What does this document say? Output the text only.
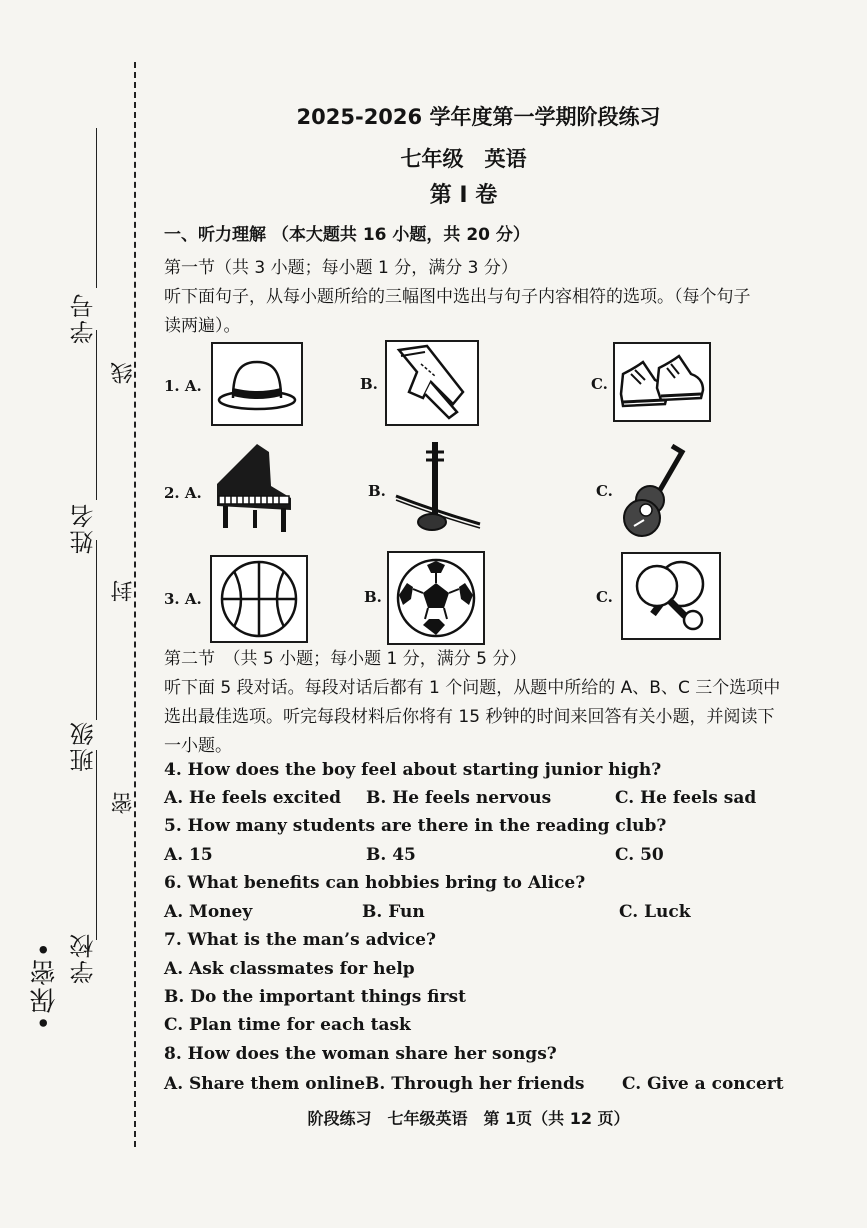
•保密• 学校
班级
姓名
学号
密
封
线
2025-2026 学年度第一学期阶段练习
七年级　英语
第 I 卷
一、听力理解 （本大题共 16 小题，共 20 分）
第一节（共 3 小题；每小题 1 分，满分 3 分）
听下面句子，从每小题所给的三幅图中选出与句子内容相符的选项。（每个句子
读两遍）。
1. A.	B.	C.
2. A.	B.	C.
3. A.	B.	C.
第二节　（共 5 小题；每小题 1 分，满分 5 分）
听下面 5 段对话。每段对话后都有 1 个问题，从题中所给的 A、B、C 三个选项中
选出最佳选项。听完每段材料后你将有 15 秒钟的时间来回答有关小题，并阅读下
一小题。
4. How does the boy feel about starting junior high?
A. He feels excited B. He feels nervous	C. He feels sad
5. How many students are there in the reading club?
A. 15	B. 45	C. 50
6. What benefits can hobbies bring to Alice?
A. Money	B. Fun	C. Luck
7. What is the man’s advice?
A. Ask classmates for help
B. Do the important things first
C. Plan time for each task
8. How does the woman share her songs?
A. Share them online B. Through her friends C. Give a concert
阶段练习　七年级英语　第 1页（共 12 页）
